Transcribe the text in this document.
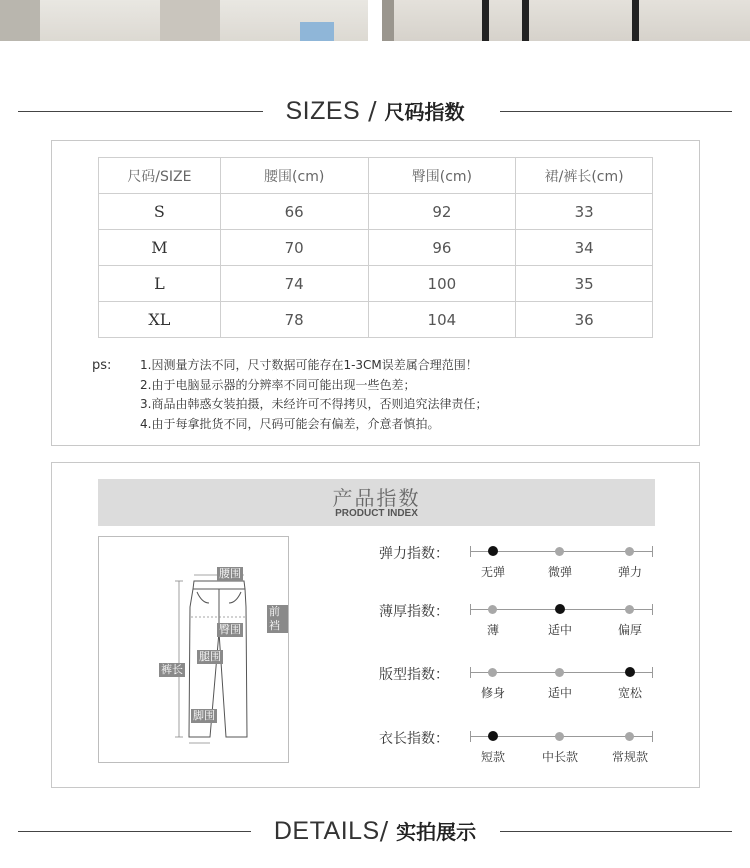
SIZES / 尺码指数
尺码/SIZE	腰围(cm)	臀围(cm)	裙/裤长(cm)
S	66	92	33
M	70	96	34
L	74	100	35
XL	78	104	36
ps: 1.因测量方法不同，尺寸数据可能存在1-3CM误差属合理范围！
2.由于电脑显示器的分辨率不同可能出现一些色差；
3.商品由韩惑女装拍摄，未经许可不得拷贝，否则追究法律责任；
4.由于每拿批货不同，尺码可能会有偏差，介意者慎拍。
产品指数
PRODUCT INDEX
腰围
前裆
臀围
腿围
裤长
脚围
弹力指数：
无弹	微弹	弹力
薄厚指数：
薄	适中	偏厚
版型指数：
修身	适中	宽松
衣长指数：
短款	中长款	常规款
DETAILS/ 实拍展示
